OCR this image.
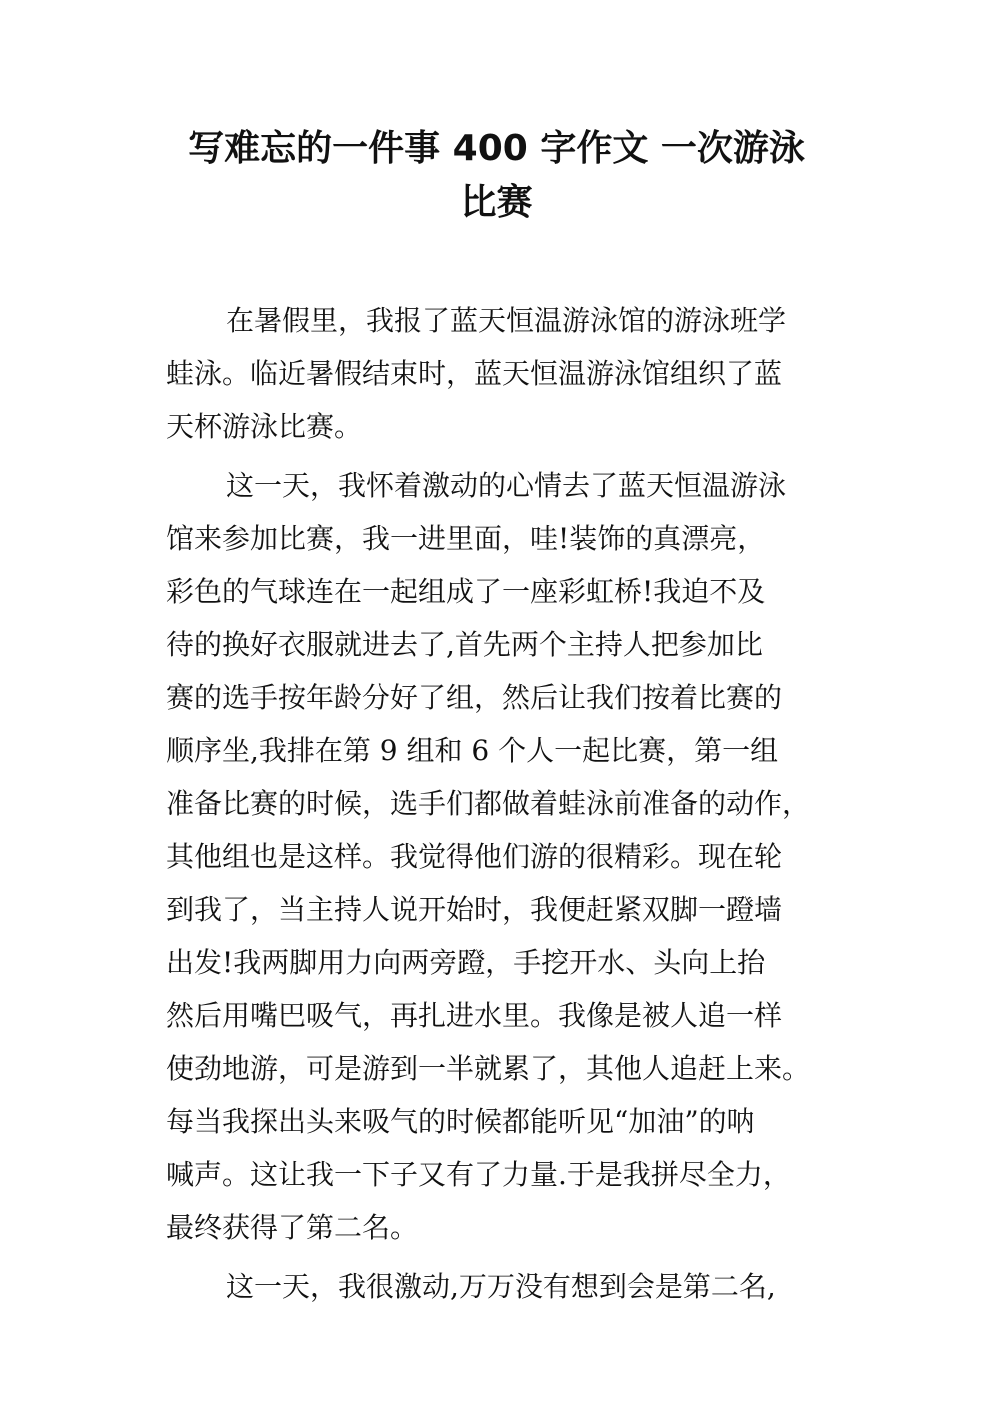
写难忘的一件事 400 字作文 一次游泳
比赛
在暑假里，我报了蓝天恒温游泳馆的游泳班学
蛙泳。临近暑假结束时，蓝天恒温游泳馆组织了蓝
天杯游泳比赛。
这一天，我怀着激动的心情去了蓝天恒温游泳
馆来参加比赛，我一进里面，哇!装饰的真漂亮，
彩色的气球连在一起组成了一座彩虹桥!我迫不及
待的换好衣服就进去了,首先两个主持人把参加比
赛的选手按年龄分好了组，然后让我们按着比赛的
顺序坐,我排在第 9 组和 6 个人一起比赛，第一组
准备比赛的时候，选手们都做着蛙泳前准备的动作，
其他组也是这样。我觉得他们游的很精彩。现在轮
到我了，当主持人说开始时，我便赶紧双脚一蹬墙
出发!我两脚用力向两旁蹬，手挖开水、头向上抬
然后用嘴巴吸气，再扎进水里。我像是被人追一样
使劲地游，可是游到一半就累了，其他人追赶上来。
每当我探出头来吸气的时候都能听见“加油”的呐
喊声。这让我一下子又有了力量.于是我拼尽全力，
最终获得了第二名。
这一天，我很激动,万万没有想到会是第二名,
